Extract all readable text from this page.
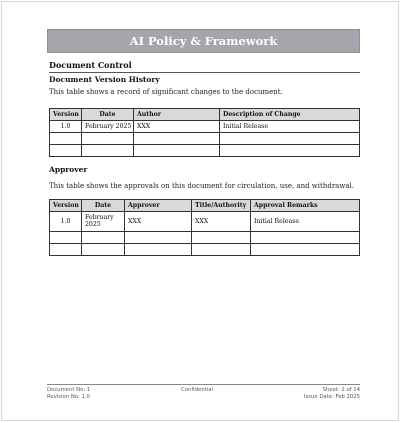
AI Policy & Framework
Document Control
Document Version History
This table shows a record of significant changes to the document.
Version	Date	Author	Description of Change
1.0	February 2025	XXX	Initial Release

Approver
This table shows the approvals on this document for circulation, use, and withdrawal.
Version	Date	Approver	Title/Authority	Approval Remarks
1.0	February 2025	XXX	XXX	Initial Release

Document No: 1
Revision No: 1.0
Confidential	Sheet: 2 of 14
Issue Date: Feb 2025
